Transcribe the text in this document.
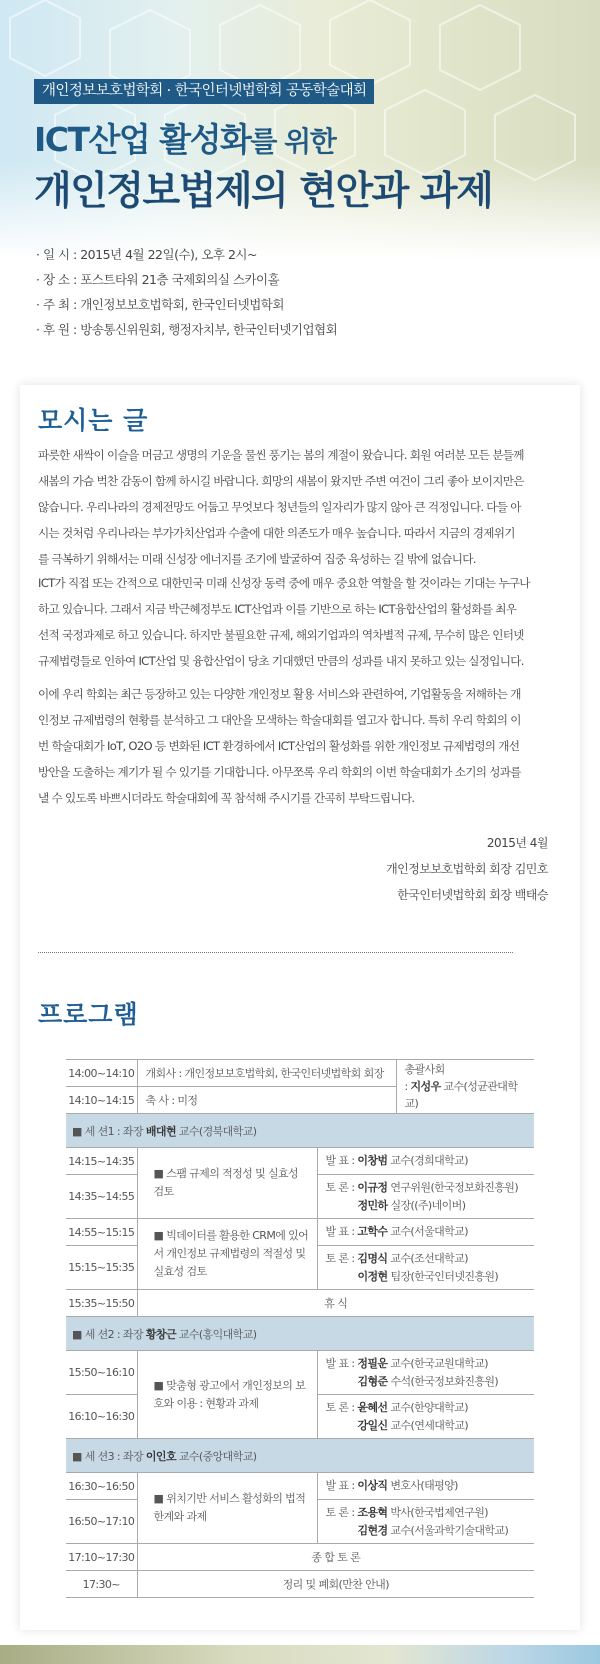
개인정보보호법학회 · 한국인터넷법학회 공동학술대회
ICT산업 활성화를 위한
개인정보법제의 현안과 과제
· 일 시 : 2015년 4월 22일(수), 오후 2시~
· 장 소 : 포스트타워 21층 국제회의실 스카이홀
· 주 최 : 개인정보보호법학회, 한국인터넷법학회
· 후 원 : 방송통신위원회, 행정자치부, 한국인터넷기업협회
모시는 글
파릇한 새싹이 이슬을 머금고 생명의 기운을 물씬 풍기는 봄의 계절이 왔습니다. 회원 여러분 모든 분들께
새봄의 가슴 벅찬 감동이 함께 하시길 바랍니다. 희망의 새봄이 왔지만 주변 여건이 그리 좋아 보이지만은
않습니다. 우리나라의 경제전망도 어둡고 무엇보다 청년들의 일자리가 많지 않아 큰 걱정입니다. 다들 아
시는 것처럼 우리나라는 부가가치산업과 수출에 대한 의존도가 매우 높습니다. 따라서 지금의 경제위기
를 극복하기 위해서는 미래 신성장 에너지를 조기에 발굴하여 집중 육성하는 길 밖에 없습니다.
ICT가 직접 또는 간적으로 대한민국 미래 신성장 동력 중에 매우 중요한 역할을 할 것이라는 기대는 누구나
하고 있습니다. 그래서 지금 박근혜정부도 ICT산업과 이를 기반으로 하는 ICT융합산업의 활성화를 최우
선적 국정과제로 하고 있습니다. 하지만 불필요한 규제, 해외기업과의 역차별적 규제, 무수히 많은 인터넷
규제법령들로 인하여 ICT산업 및 융합산업이 당초 기대했던 만큼의 성과를 내지 못하고 있는 실정입니다.
이에 우리 학회는 최근 등장하고 있는 다양한 개인정보 활용 서비스와 관련하여, 기업활동을 저해하는 개
인정보 규제법령의 현황를 분석하고 그 대안을 모색하는 학술대회를 열고자 합니다. 특히 우리 학회의 이
번 학술대회가 IoT, O2O 등 변화된 ICT 환경하에서 ICT산업의 활성화를 위한 개인정보 규제법령의 개선
방안을 도출하는 계기가 될 수 있기를 기대합니다. 아무쪼록 우리 학회의 이번 학술대회가 소기의 성과를
낼 수 있도록 바쁘시더라도 학술대회에 꼭 참석해 주시기를 간곡히 부탁드립니다.
2015년 4월
개인정보보호법학회 회장 김민호
한국인터넷법학회 회장 백태승
프로그램
14:00~14:10	개회사 : 개인정보보호법학회, 한국인터넷법학회 회장		총괄사회
: 지성우 교수(성균관대학교)
14:10~14:15	축 사 : 미정		
■ 세 션1 : 좌장 배대현 교수(경북대학교)			
14:15~14:35	■ 스팸 규제의 적정성 및 실효성 검토	발 표 : 이창범 교수(경희대학교)	
14:35~14:55		토 론 : 이규정 연구위원(한국정보화진흥원)
정민하 실장((주)네이버)	
14:55~15:15	■ 빅데이터를 활용한 CRM에 있어서 개인정보 규제법령의 적절성 및 실효성 검토	발 표 : 고학수 교수(서울대학교)	
15:15~15:35		토 론 : 김명식 교수(조선대학교)
이정현 팀장(한국인터넷진흥원)	
15:35~15:50	휴 식		
■ 세 션2 : 좌장 황창근 교수(홍익대학교)			
15:50~16:10	■ 맞춤형 광고에서 개인정보의 보호와 이용 : 현황과 과제	발 표 : 정필운 교수(한국교원대학교)
김형준 수석(한국정보화진흥원)	
16:10~16:30		토 론 : 윤혜선 교수(한양대학교)
강일신 교수(연세대학교)	
■ 세 션3 : 좌장 이인호 교수(중앙대학교)			
16:30~16:50	■ 위치기반 서비스 활성화의 법적 한계와 과제	발 표 : 이상직 변호사(태평양)	
16:50~17:10		토 론 : 조용혁 박사(한국법제연구원)
김현경 교수(서울과학기술대학교)	
17:10~17:30	종 합 토 론		
17:30~	정리 및 폐회(만찬 안내)		
